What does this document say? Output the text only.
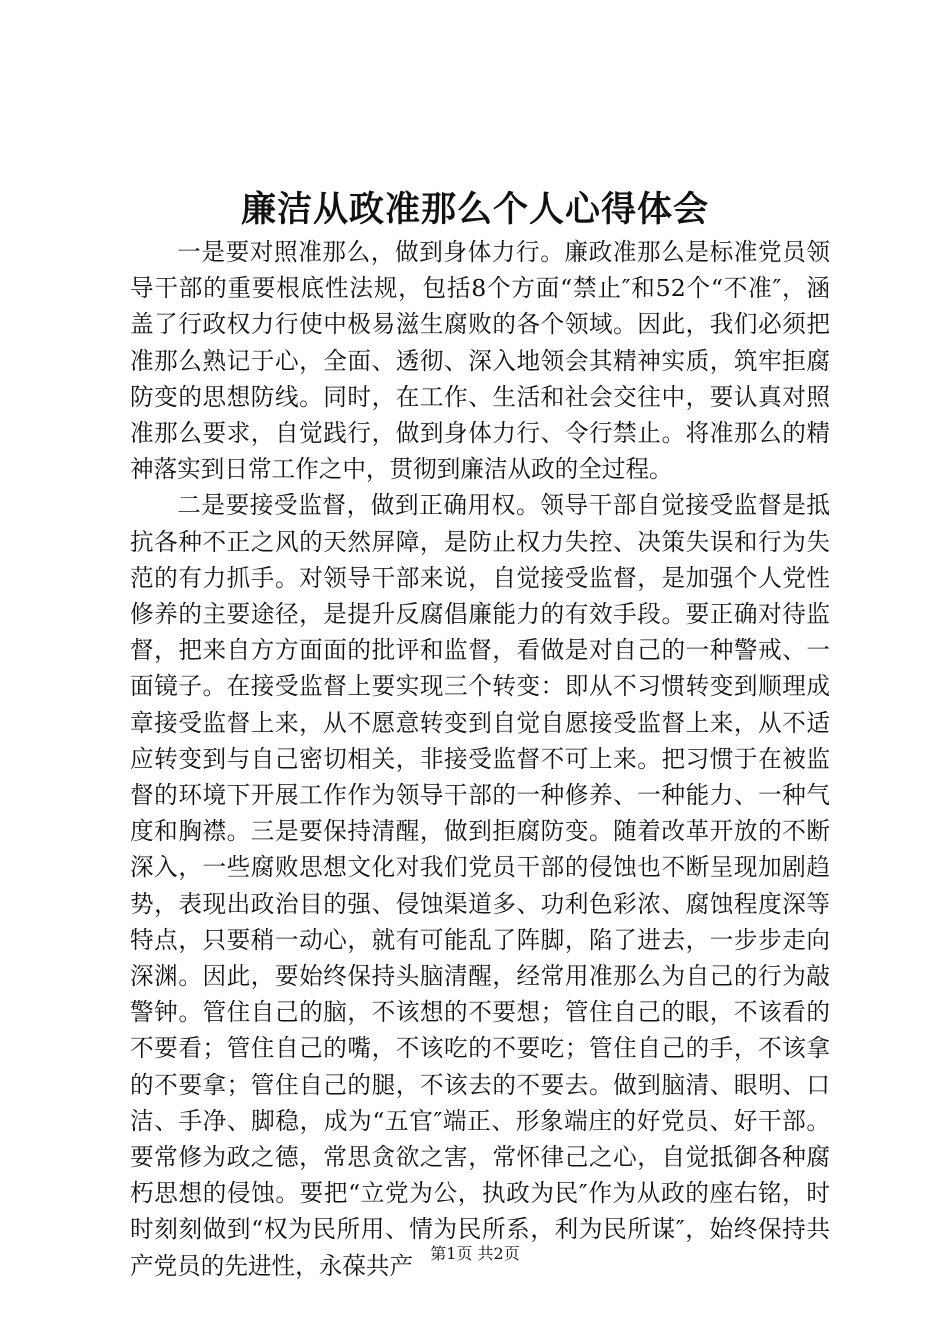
廉洁从政准那么个人心得体会

一是要对照准那么，做到身体力行。廉政准那么是标准党员领导干部的重要根底性法规，包括8个方面“禁止″和52个“不准″，涵盖了行政权力行使中极易滋生腐败的各个领域。因此，我们必须把准那么熟记于心，全面、透彻、深入地领会其精神实质，筑牢拒腐防变的思想防线。同时，在工作、生活和社会交往中，要认真对照准那么要求，自觉践行，做到身体力行、令行禁止。将准那么的精神落实到日常工作之中，贯彻到廉洁从政的全过程。

二是要接受监督，做到正确用权。领导干部自觉接受监督是抵抗各种不正之风的天然屏障，是防止权力失控、决策失误和行为失范的有力抓手。对领导干部来说，自觉接受监督，是加强个人党性修养的主要途径，是提升反腐倡廉能力的有效手段。要正确对待监督，把来自方方面面的批评和监督，看做是对自己的一种警戒、一面镜子。在接受监督上要实现三个转变：即从不习惯转变到顺理成章接受监督上来，从不愿意转变到自觉自愿接受监督上来，从不适应转变到与自己密切相关，非接受监督不可上来。把习惯于在被监督的环境下开展工作作为领导干部的一种修养、一种能力、一种气度和胸襟。三是要保持清醒，做到拒腐防变。随着改革开放的不断深入，一些腐败思想文化对我们党员干部的侵蚀也不断呈现加剧趋势，表现出政治目的强、侵蚀渠道多、功利色彩浓、腐蚀程度深等特点，只要稍一动心，就有可能乱了阵脚，陷了进去，一步步走向深渊。因此，要始终保持头脑清醒，经常用准那么为自己的行为敲警钟。管住自己的脑，不该想的不要想；管住自己的眼，不该看的不要看；管住自己的嘴，不该吃的不要吃；管住自己的手，不该拿的不要拿；管住自己的腿，不该去的不要去。做到脑清、眼明、口洁、手净、脚稳，成为“五官″端正、形象端庄的好党员、好干部。要常修为政之德，常思贪欲之害，常怀律己之心，自觉抵御各种腐朽思想的侵蚀。要把“立党为公，执政为民″作为从政的座右铭，时时刻刻做到“权为民所用、情为民所系，利为民所谋″，始终保持共产党员的先进性，永葆共产	第1页 共2页
